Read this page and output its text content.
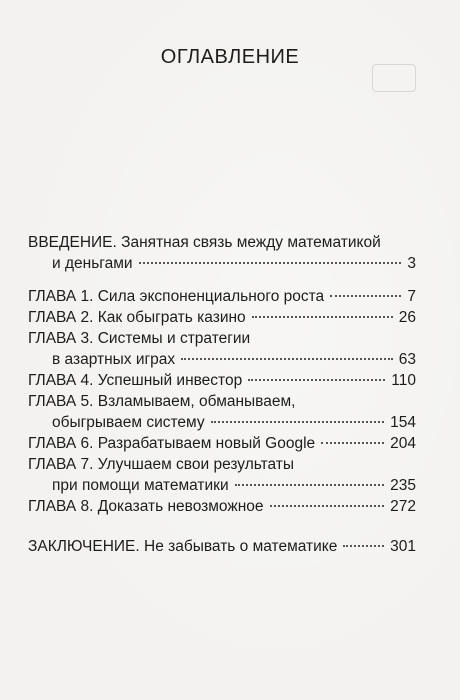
ОГЛАВЛЕНИЕ
ВВЕДЕНИЕ. Занятная связь между математикой
и деньгами	3
ГЛАВА 1. Сила экспоненциального роста	7
ГЛАВА 2. Как обыграть казино	26
ГЛАВА 3. Системы и стратегии
в азартных играх	63
ГЛАВА 4. Успешный инвестор	110
ГЛАВА 5. Взламываем, обманываем,
обыгрываем систему	154
ГЛАВА 6. Разрабатываем новый Google	204
ГЛАВА 7. Улучшаем свои результаты
при помощи математики	235
ГЛАВА 8. Доказать невозможное	272
ЗАКЛЮЧЕНИЕ. Не забывать о математике	301
